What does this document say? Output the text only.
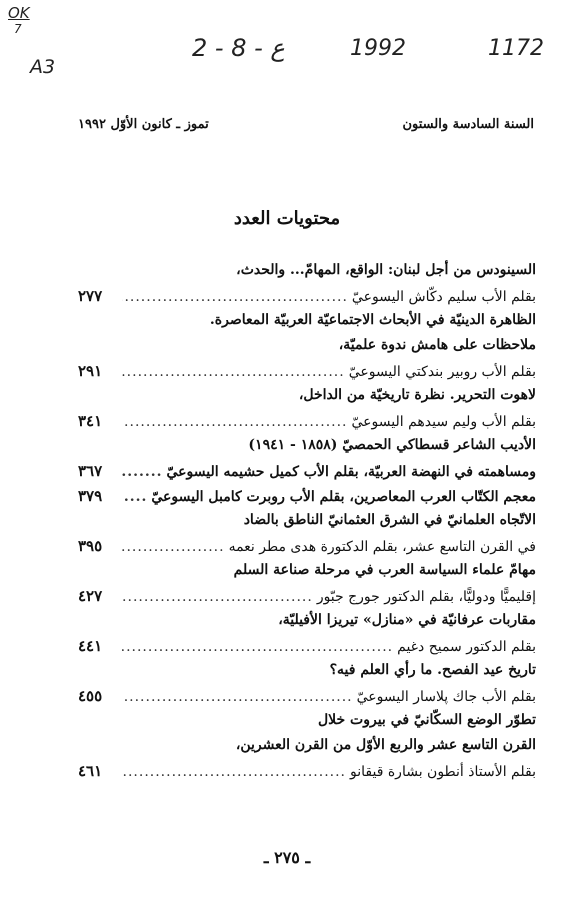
OK
7
A3
2 - 8 - ع	1992	1172
السنة السادسة والستون
تموز ـ كانون الأوّل ١٩٩٢
محتويات العدد
السينودس من أجل لبنان: الواقع، المهامّ... والحدث،
بقلم الأب سليم دكّاش اليسوعيّ
.....
٢٧٧
الظاهرة الدينيّة في الأبحاث الاجتماعيّة العربيّة المعاصرة.
ملاحظات على هامش ندوة علميّة،
بقلم الأب روبير بندكتي اليسوعيّ
.....
٢٩١
لاهوت التحرير. نظرة تاريخيّة من الداخل،
بقلم الأب وليم سيدهم اليسوعيّ
.....
٣٤١
الأديب الشاعر قسطاكي الحمصيّ (١٨٥٨ - ١٩٤١)
ومساهمته في النهضة العربيّة، بقلم الأب كميل حشيمه اليسوعيّ
.....
٣٦٧
معجم الكتّاب العرب المعاصرين، بقلم الأب روبرت كامبل اليسوعيّ
.....
٣٧٩
الاتّجاه العلمانيّ في الشرق العثمانيّ الناطق بالضاد
في القرن التاسع عشر، بقلم الدكتورة هدى مطر نعمه
.....
٣٩٥
مهامّ علماء السياسة العرب في مرحلة صناعة السلم
إقليميًّا ودوليًّا، بقلم الدكتور جورج جبّور
.....
٤٢٧
مقاربات عرفانيّة في «منازل» تيريزا الأفيليّة،
بقلم الدكتور سميح دغيم
.....
٤٤١
تاريخ عيد الفصح. ما رأي العلم فيه؟
بقلم الأب جاك پلاسار اليسوعيّ
.....
٤٥٥
تطوّر الوضع السكّانيّ في بيروت خلال
القرن التاسع عشر والربع الأوّل من القرن العشرين،
بقلم الأستاذ أنطون بشارة قيقانو
.....
٤٦١
ـ ٢٧٥ ـ
